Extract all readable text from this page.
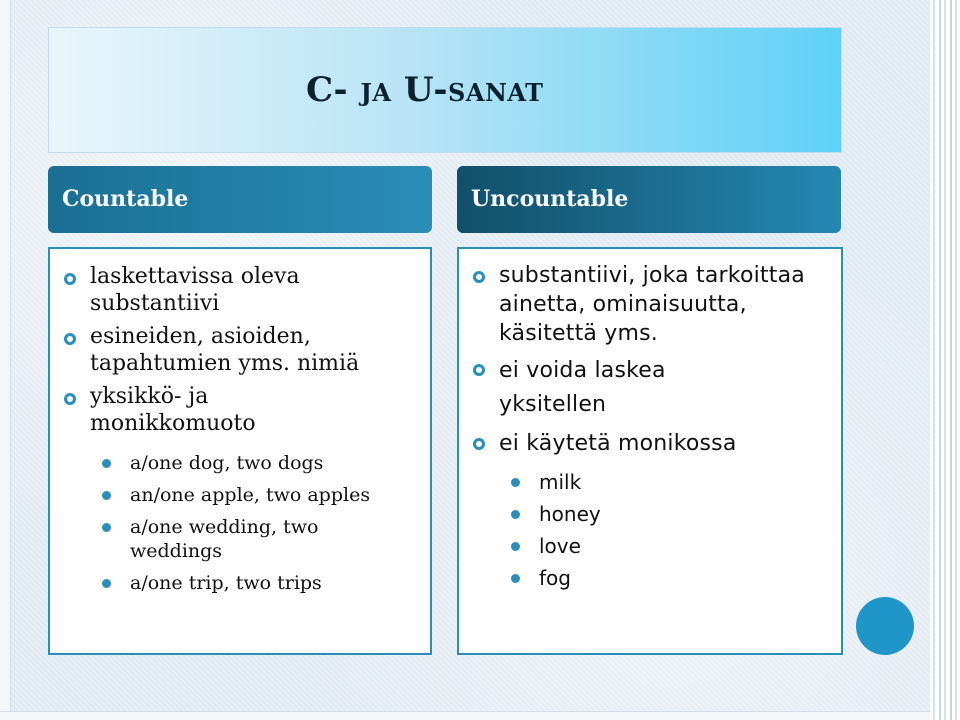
C- ja U-sanat
Countable	Uncountable
laskettavissa oleva substantiivi
esineiden, asioiden, tapahtumien yms. nimiä
yksikkö- ja monikkomuoto
a/one dog, two dogs
an/one apple, two apples
a/one wedding, two weddings
a/one trip, two trips
substantiivi, joka tarkoittaa ainetta, ominaisuutta, käsitettä yms.
ei voida laskea yksitellen
ei käytetä monikossa
milk
honey
love
fog
